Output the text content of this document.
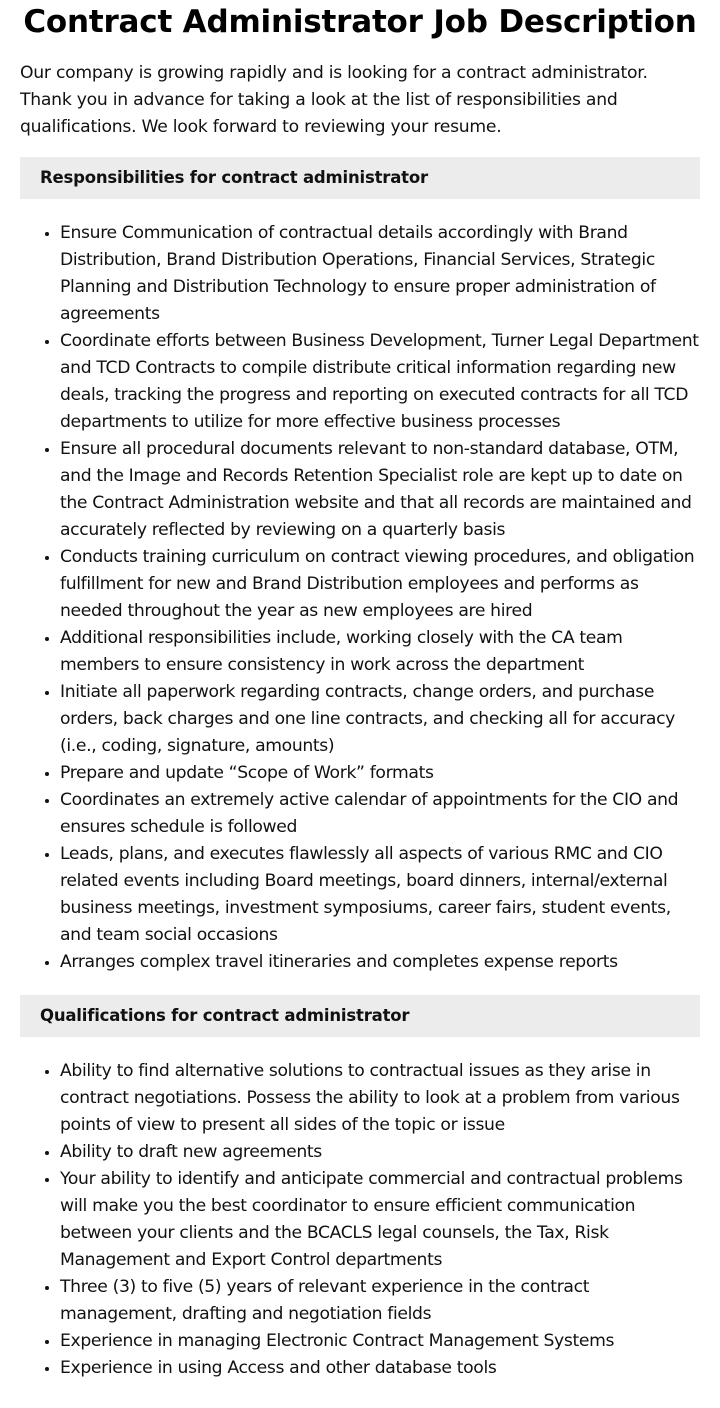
Contract Administrator Job Description

Our company is growing rapidly and is looking for a contract administrator. Thank you in advance for taking a look at the list of responsibilities and qualifications. We look forward to reviewing your resume.

Responsibilities for contract administrator
• Ensure Communication of contractual details accordingly with Brand Distribution, Brand Distribution Operations, Financial Services, Strategic Planning and Distribution Technology to ensure proper administration of agreements
• Coordinate efforts between Business Development, Turner Legal Department and TCD Contracts to compile distribute critical information regarding new deals, tracking the progress and reporting on executed contracts for all TCD departments to utilize for more effective business processes
• Ensure all procedural documents relevant to non-standard database, OTM, and the Image and Records Retention Specialist role are kept up to date on the Contract Administration website and that all records are maintained and accurately reflected by reviewing on a quarterly basis
• Conducts training curriculum on contract viewing procedures, and obligation fulfillment for new and Brand Distribution employees and performs as needed throughout the year as new employees are hired
• Additional responsibilities include, working closely with the CA team members to ensure consistency in work across the department
• Initiate all paperwork regarding contracts, change orders, and purchase orders, back charges and one line contracts, and checking all for accuracy (i.e., coding, signature, amounts)
• Prepare and update “Scope of Work” formats
• Coordinates an extremely active calendar of appointments for the CIO and ensures schedule is followed
• Leads, plans, and executes flawlessly all aspects of various RMC and CIO related events including Board meetings, board dinners, internal/external business meetings, investment symposiums, career fairs, student events, and team social occasions
• Arranges complex travel itineraries and completes expense reports
Qualifications for contract administrator
• Ability to find alternative solutions to contractual issues as they arise in contract negotiations. Possess the ability to look at a problem from various points of view to present all sides of the topic or issue
• Ability to draft new agreements
• Your ability to identify and anticipate commercial and contractual problems will make you the best coordinator to ensure efficient communication between your clients and the BCACLS legal counsels, the Tax, Risk Management and Export Control departments
• Three (3) to five (5) years of relevant experience in the contract management, drafting and negotiation fields
• Experience in managing Electronic Contract Management Systems
• Experience in using Access and other database tools
